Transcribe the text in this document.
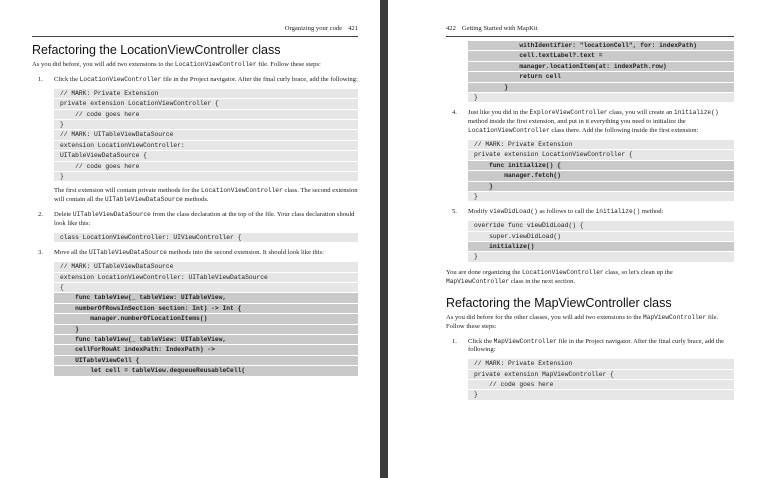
Organizing your code 421
Refactoring the LocationViewController class

As you did before, you will add two extensions to the LocationViewController file. Follow these steps:

1. Click the LocationViewController file in the Project navigator. After the final curly brace, add the following:

// MARK: Private Extension
private extension LocationViewController {
// code goes here
}
// MARK: UITableViewDataSource
extension LocationViewController:
UITableViewDataSource {
// code goes here
}

The first extension will contain private methods for the LocationViewController class. The second extension will contain all the UITableViewDataSource methods.

2. Delete UITableViewDataSource from the class declaration at the top of the file. Your class declaration should look like this:

class LocationViewController: UIViewController {
3. Move all the UITableViewDataSource methods into the second extension. It should look like this:

// MARK: UITableViewDataSource
extension LocationViewController: UITableViewDataSource
{
func tableView(_ tableView: UITableView,
numberOfRowsInSection section: Int) -> Int {
manager.numberOfLocationItems()
}
func tableView(_ tableView: UITableView,
cellForRowAt indexPath: IndexPath) ->
UITableViewCell {
let cell = tableView.dequeueReusableCell(
422 Getting Started with MapKit
withIdentifier: "locationCell", for: indexPath)
cell.textLabel?.text =
manager.locationItem(at: indexPath.row)
return cell
}
}
4. Just like you did in the ExploreViewController class, you will create an initialize() method inside the first extension, and put in it everything you need to initialize the LocationViewController class there. Add the following inside the first extension:

// MARK: Private Extension
private extension LocationViewController {
func initialize() {
manager.fetch()
}
}
5. Modify viewDidLoad() as follows to call the initialize() method:

override func viewDidLoad() {
super.viewDidLoad()
initialize()
}

You are done organizing the LocationViewController class, so let's clean up the MapViewController class in the next section.

Refactoring the MapViewController class

As you did before for the other classes, you will add two extensions to the MapViewController file. Follow these steps:

1. Click the MapViewController file in the Project navigator. After the final curly brace, add the following:

// MARK: Private Extension
private extension MapViewController {
// code goes here
}
